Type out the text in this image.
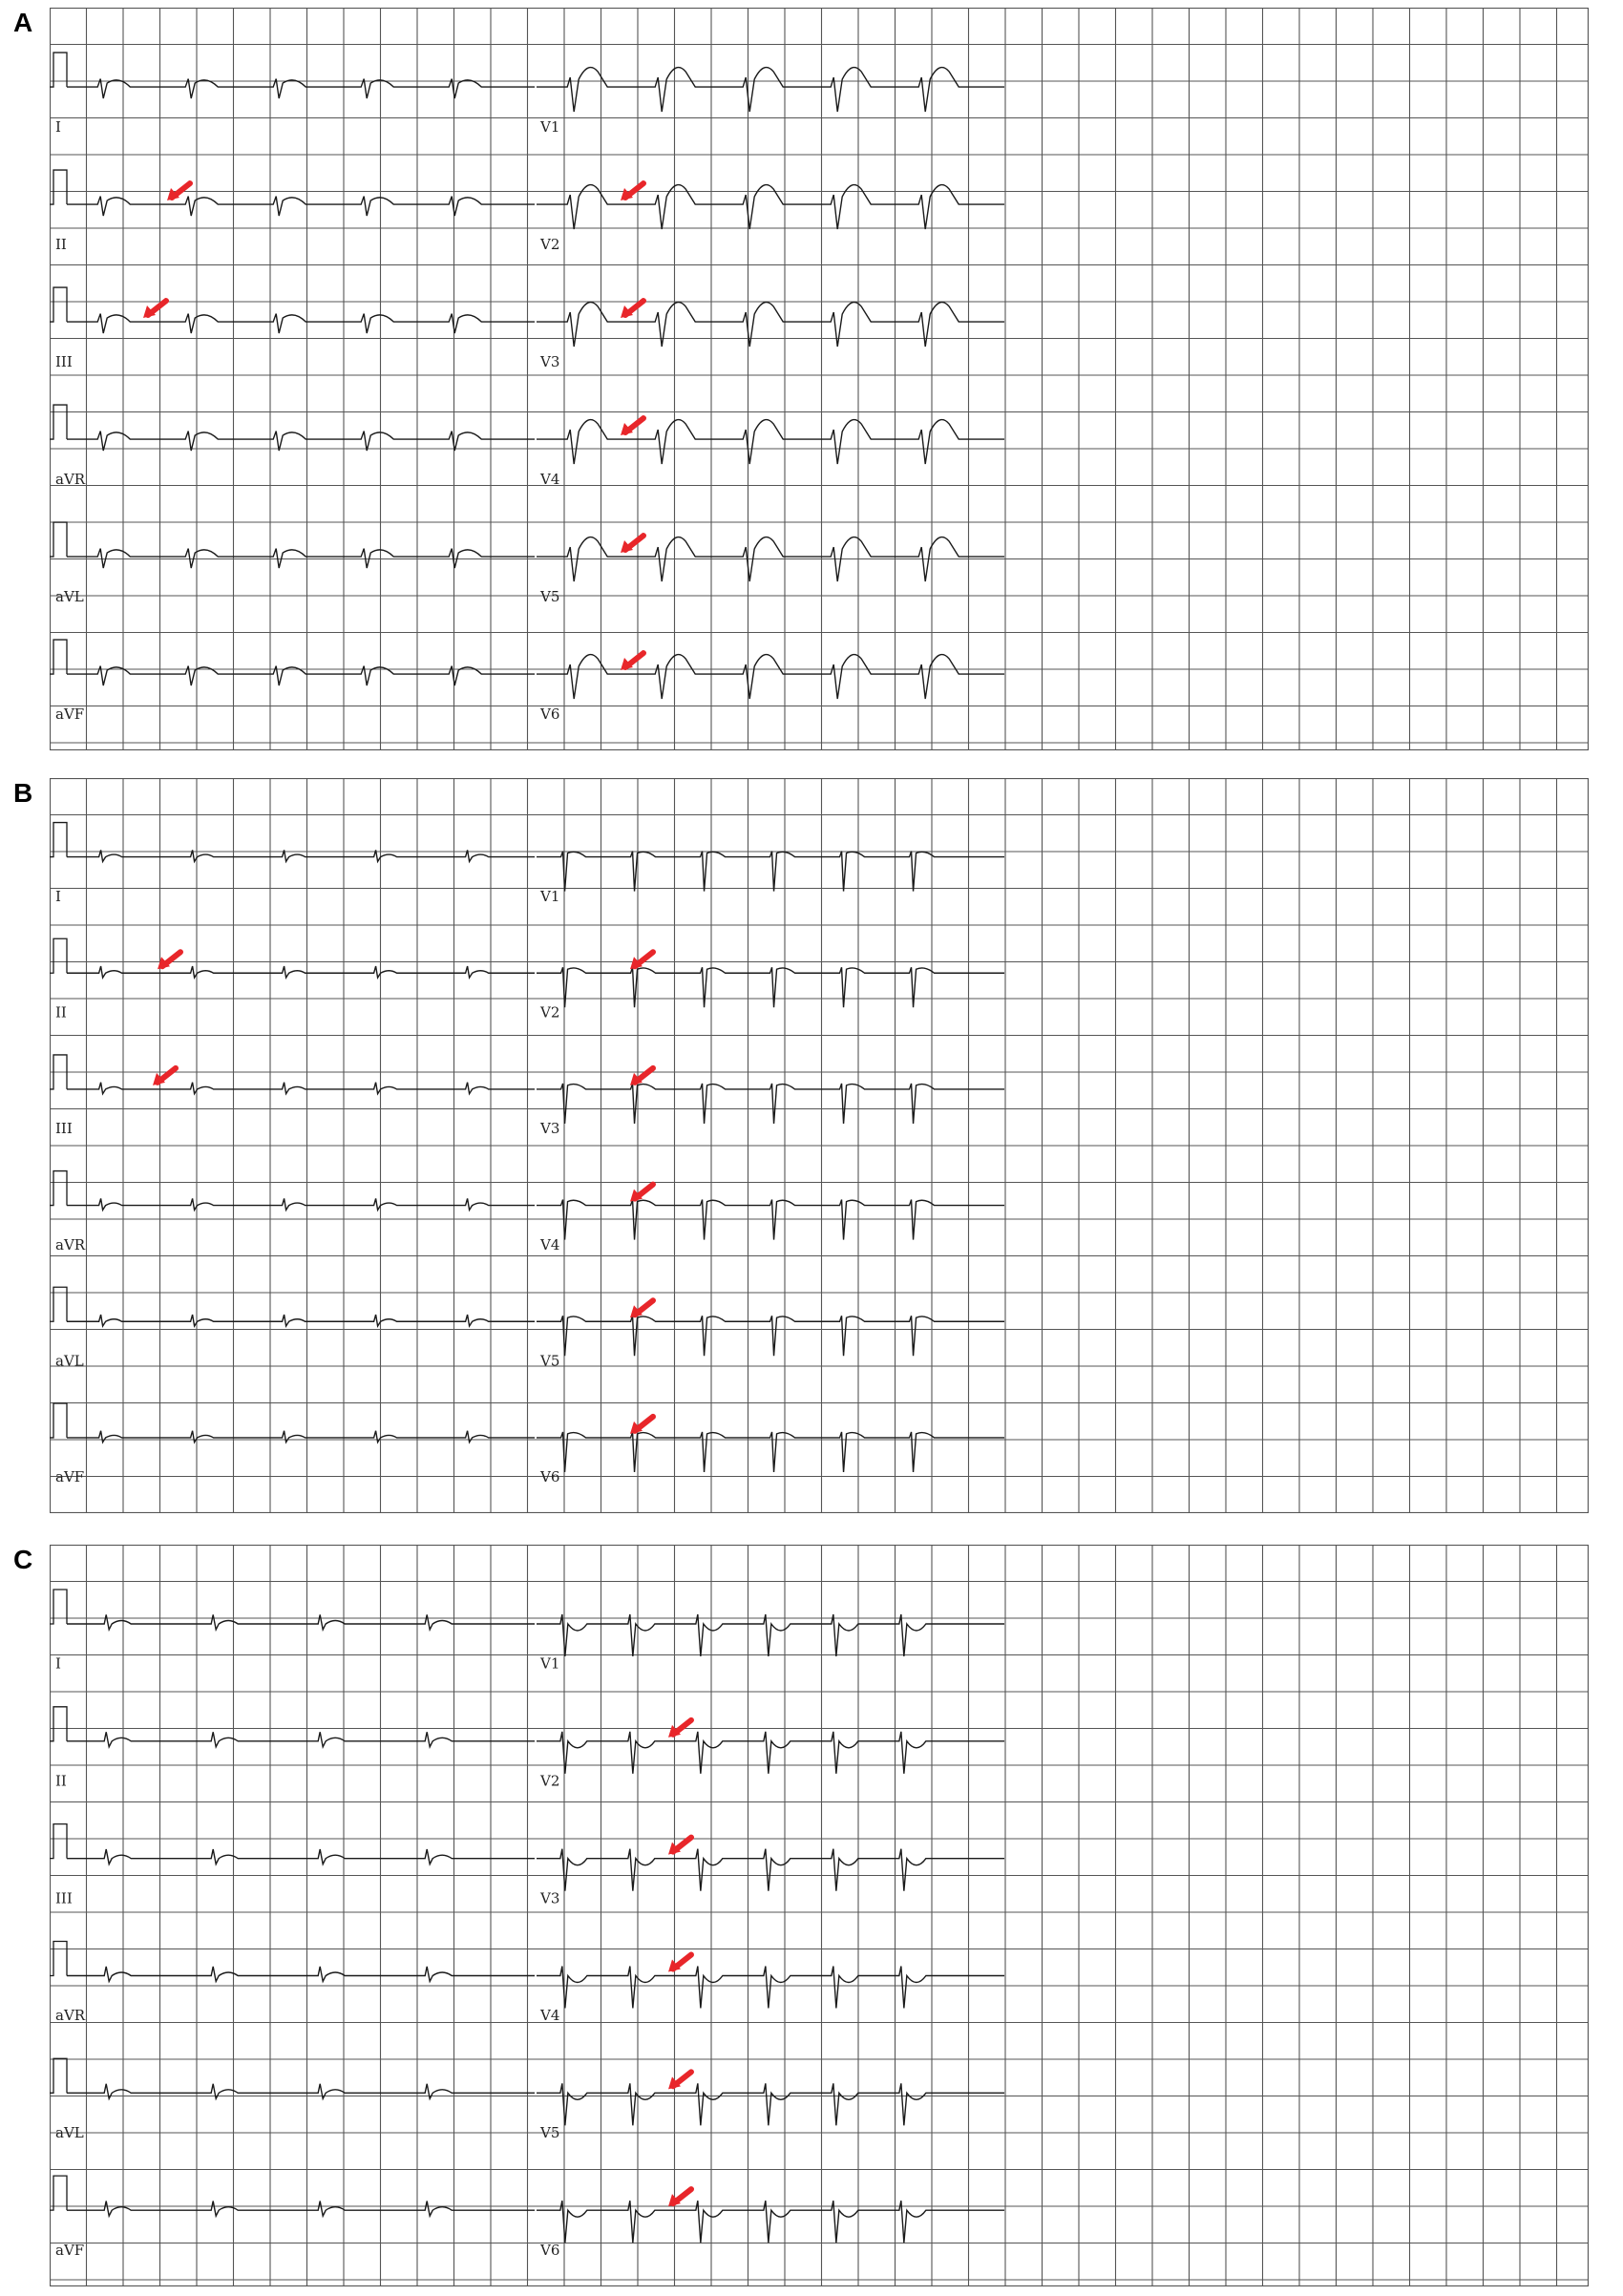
A
I	V1
II	V2
III	V3
aVR	V4
aVL	V5
aVF	V6
B
I	V1
II	V2
III	V3
aVR	V4
aVL	V5
aVF	V6
C
I	V1
II	V2
III	V3
aVR	V4
aVL	V5
aVF	V6
